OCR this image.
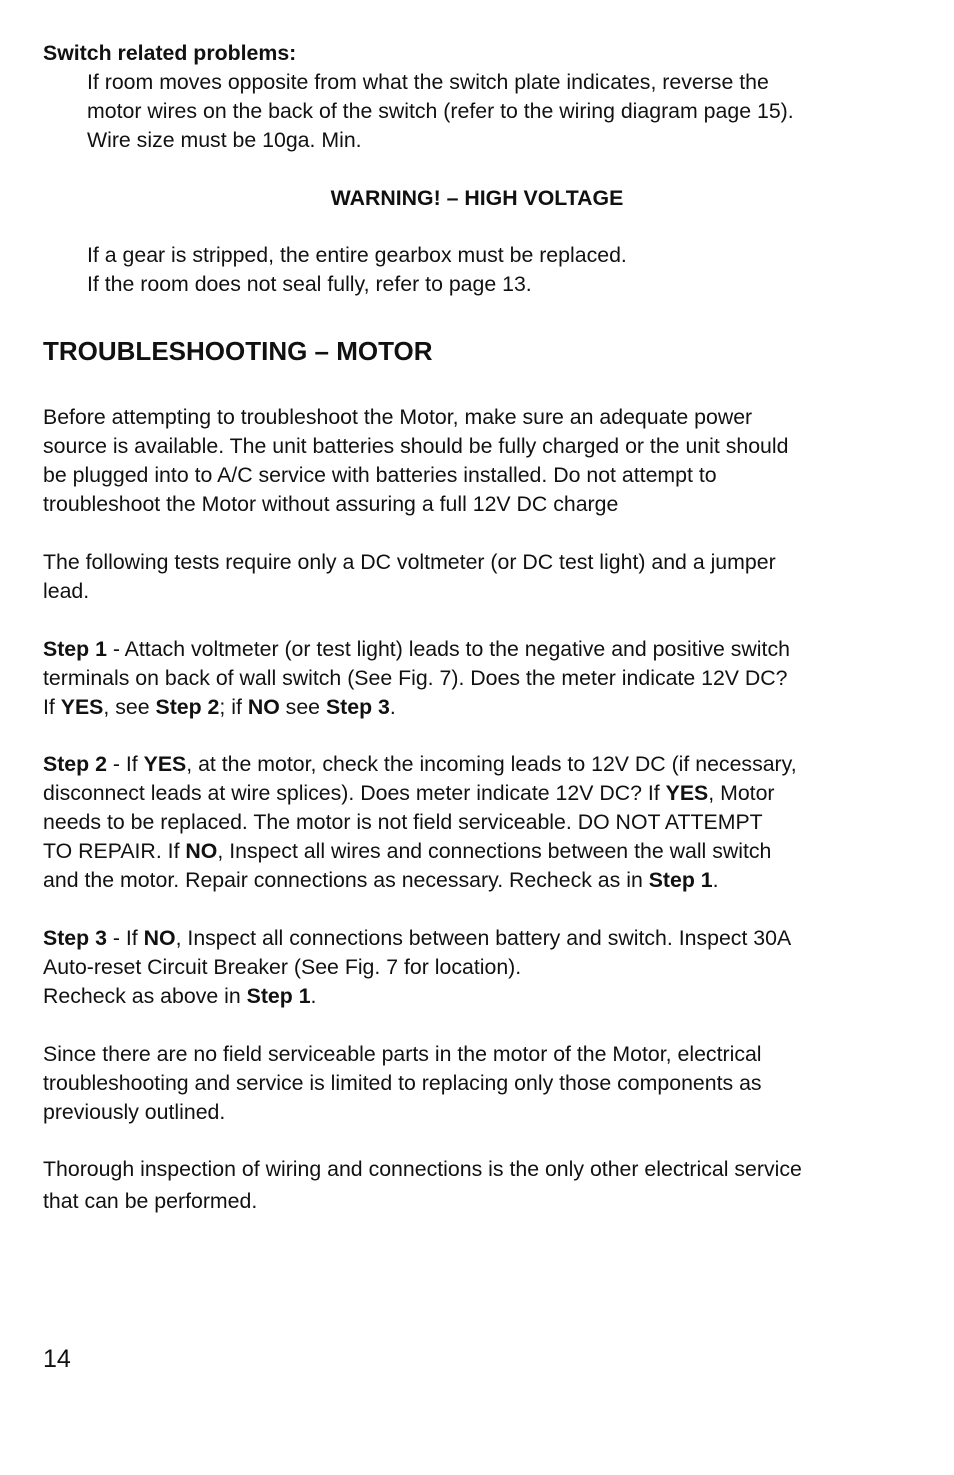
Switch related problems:
If room moves opposite from what the switch plate indicates, reverse the
motor wires on the back of the switch (refer to the wiring diagram page 15).
Wire size must be 10ga. Min.
WARNING! – HIGH VOLTAGE
If a gear is stripped, the entire gearbox must be replaced.
If the room does not seal fully, refer to page 13.
TROUBLESHOOTING – MOTOR
Before attempting to troubleshoot the Motor, make sure an adequate power
source is available. The unit batteries should be fully charged or the unit should
be plugged into to A/C service with batteries installed. Do not attempt to
troubleshoot the Motor without assuring a full 12V DC charge
The following tests require only a DC voltmeter (or DC test light) and a jumper
lead.
Step 1 - Attach voltmeter (or test light) leads to the negative and positive switch
terminals on back of wall switch (See Fig. 7). Does the meter indicate 12V DC?
If YES, see Step 2; if NO see Step 3.
Step 2 - If YES, at the motor, check the incoming leads to 12V DC (if necessary,
disconnect leads at wire splices). Does meter indicate 12V DC? If YES, Motor
needs to be replaced. The motor is not field serviceable. DO NOT ATTEMPT
TO REPAIR. If NO, Inspect all wires and connections between the wall switch
and the motor. Repair connections as necessary. Recheck as in Step 1.
Step 3 - If NO, Inspect all connections between battery and switch. Inspect 30A
Auto-reset Circuit Breaker (See Fig. 7 for location).
Recheck as above in Step 1.
Since there are no field serviceable parts in the motor of the Motor, electrical
troubleshooting and service is limited to replacing only those components as
previously outlined.
Thorough inspection of wiring and connections is the only other electrical service
that can be performed.
14
